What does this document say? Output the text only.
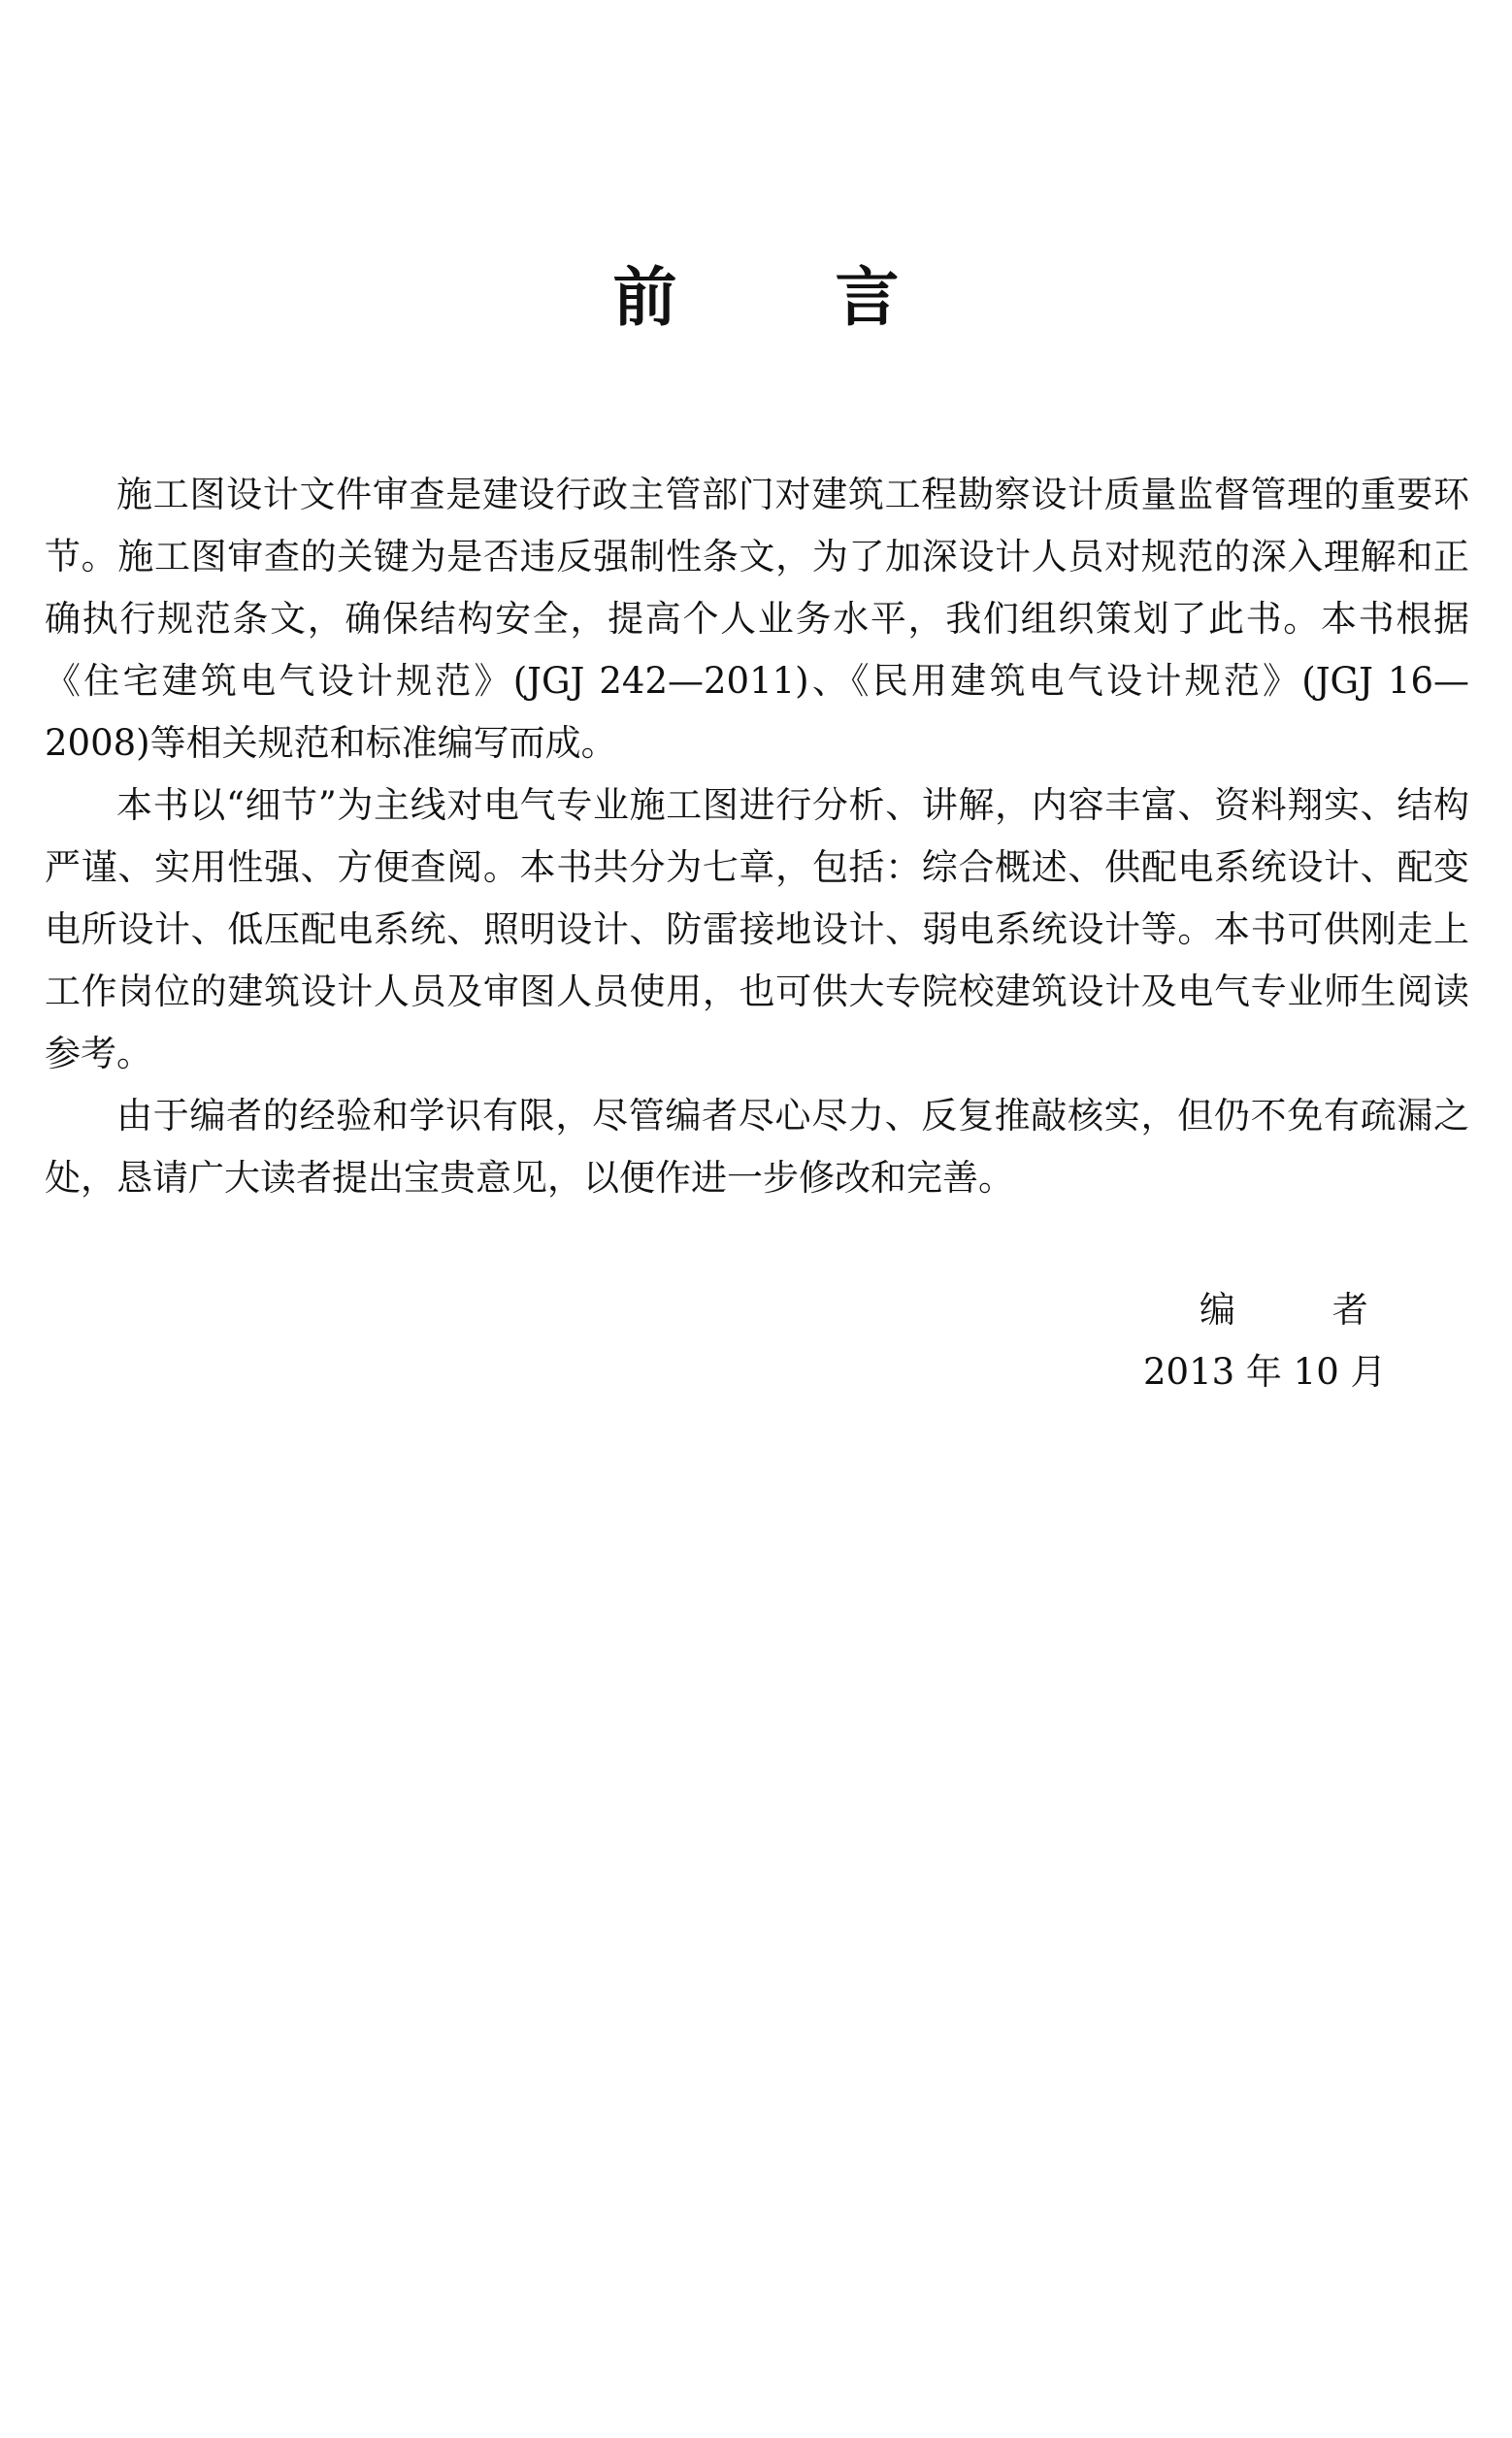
前 言

施工图设计文件审查是建设行政主管部门对建筑工程勘察设计质量监督管理的重要环节。施工图审查的关键为是否违反强制性条文，为了加深设计人员对规范的深入理解和正确执行规范条文，确保结构安全，提高个人业务水平，我们组织策划了此书。本书根据《住宅建筑电气设计规范》(JGJ 242—2011)、《民用建筑电气设计规范》(JGJ 16—2008)等相关规范和标准编写而成。

本书以“细节”为主线对电气专业施工图进行分析、讲解，内容丰富、资料翔实、结构严谨、实用性强、方便查阅。本书共分为七章，包括：综合概述、供配电系统设计、配变电所设计、低压配电系统、照明设计、防雷接地设计、弱电系统设计等。本书可供刚走上工作岗位的建筑设计人员及审图人员使用，也可供大专院校建筑设计及电气专业师生阅读参考。

由于编者的经验和学识有限，尽管编者尽心尽力、反复推敲核实，但仍不免有疏漏之处，恳请广大读者提出宝贵意见，以便作进一步修改和完善。

编 者
2013 年 10 月
